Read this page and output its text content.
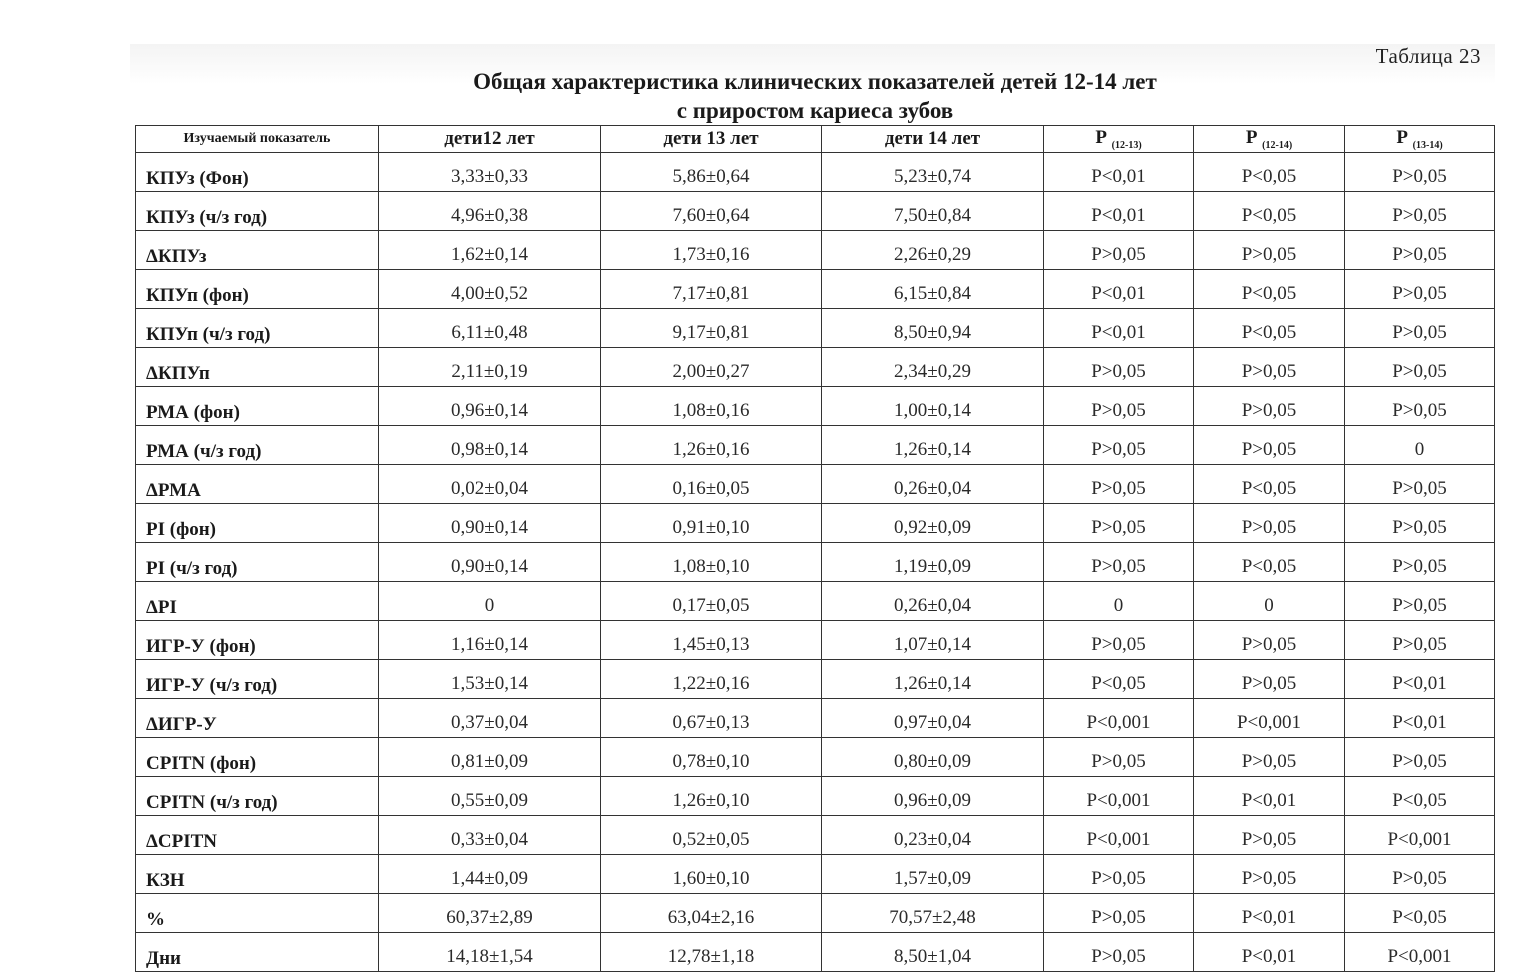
Таблица 23
Общая характеристика клинических показателей детей 12-14 лет
с приростом кариеса зубов
Изучаемый показатель	дети12 лет	дети 13 лет	дети 14 лет	Р $_{(12-13)}$	Р $_{(12-14)}$	Р $_{(13-14)}$
КПУз (Фон)	3,33±0,33	5,86±0,64	5,23±0,74	Р<0,01	Р<0,05	Р>0,05
КПУз (ч/з год)	4,96±0,38	7,60±0,64	7,50±0,84	Р<0,01	Р<0,05	Р>0,05
ΔКПУз	1,62±0,14	1,73±0,16	2,26±0,29	Р>0,05	Р>0,05	Р>0,05
КПУп (фон)	4,00±0,52	7,17±0,81	6,15±0,84	Р<0,01	Р<0,05	Р>0,05
КПУп (ч/з год)	6,11±0,48	9,17±0,81	8,50±0,94	Р<0,01	Р<0,05	Р>0,05
ΔКПУп	2,11±0,19	2,00±0,27	2,34±0,29	Р>0,05	Р>0,05	Р>0,05
РМА (фон)	0,96±0,14	1,08±0,16	1,00±0,14	Р>0,05	Р>0,05	Р>0,05
РМА (ч/з год)	0,98±0,14	1,26±0,16	1,26±0,14	Р>0,05	Р>0,05	0
ΔРМА	0,02±0,04	0,16±0,05	0,26±0,04	Р>0,05	Р<0,05	Р>0,05
PI (фон)	0,90±0,14	0,91±0,10	0,92±0,09	Р>0,05	Р>0,05	Р>0,05
PI (ч/з год)	0,90±0,14	1,08±0,10	1,19±0,09	Р>0,05	Р<0,05	Р>0,05
ΔPI	0	0,17±0,05	0,26±0,04	0	0	Р>0,05
ИГР-У (фон)	1,16±0,14	1,45±0,13	1,07±0,14	Р>0,05	Р>0,05	Р>0,05
ИГР-У (ч/з год)	1,53±0,14	1,22±0,16	1,26±0,14	Р<0,05	Р>0,05	Р<0,01
ΔИГР-У	0,37±0,04	0,67±0,13	0,97±0,04	Р<0,001	Р<0,001	Р<0,01
CPITN (фон)	0,81±0,09	0,78±0,10	0,80±0,09	Р>0,05	Р>0,05	Р>0,05
CPITN (ч/з год)	0,55±0,09	1,26±0,10	0,96±0,09	Р<0,001	Р<0,01	Р<0,05
ΔCPITN	0,33±0,04	0,52±0,05	0,23±0,04	Р<0,001	Р>0,05	Р<0,001
КЗН	1,44±0,09	1,60±0,10	1,57±0,09	Р>0,05	Р>0,05	Р>0,05
%	60,37±2,89	63,04±2,16	70,57±2,48	Р>0,05	Р<0,01	Р<0,05
Дни	14,18±1,54	12,78±1,18	8,50±1,04	Р>0,05	Р<0,01	Р<0,001
